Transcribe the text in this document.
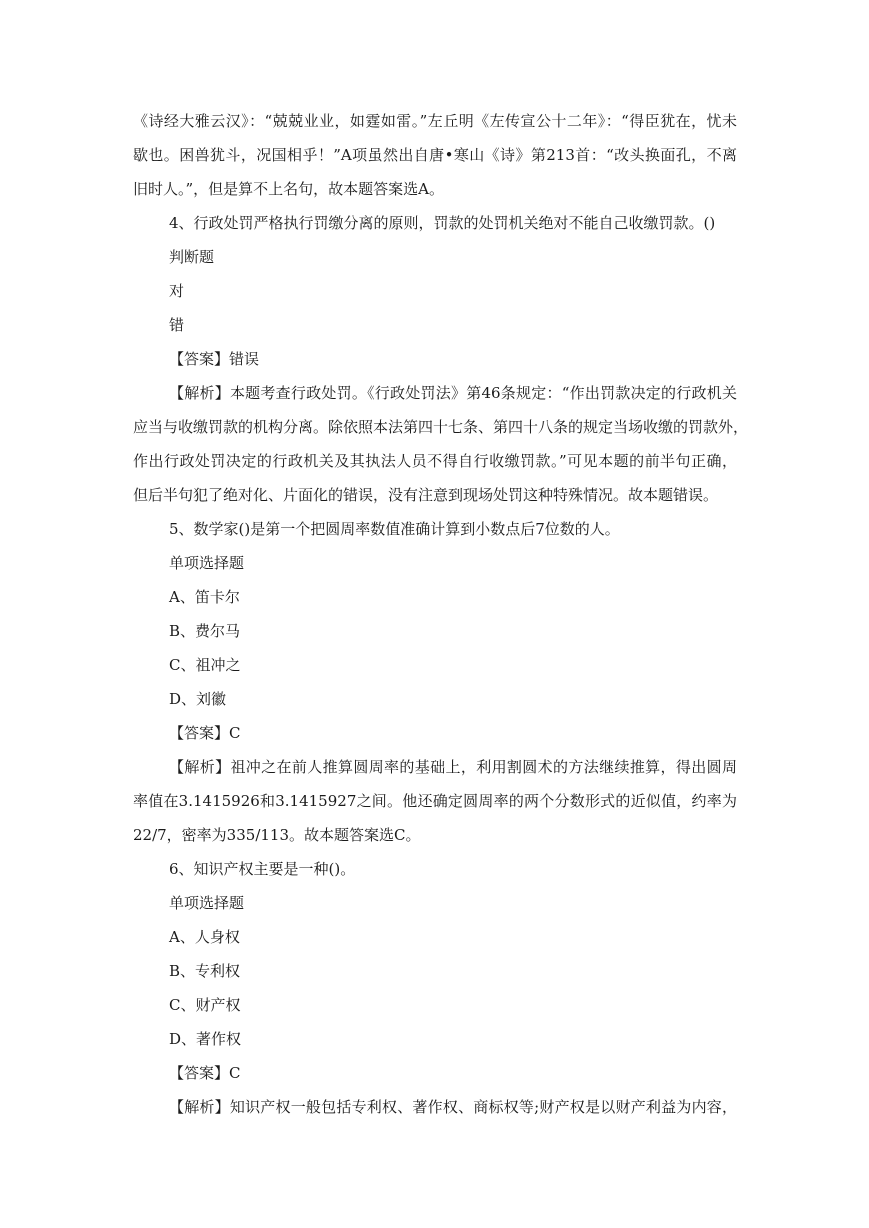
《诗经大雅云汉》：“兢兢业业，如霆如雷。”左丘明《左传宣公十二年》：“得臣犹在，忧未
歇也。困兽犹斗，况国相乎！”A项虽然出自唐•寒山《诗》第213首：“改头换面孔，不离
旧时人。”，但是算不上名句，故本题答案选A。
4、行政处罚严格执行罚缴分离的原则，罚款的处罚机关绝对不能自己收缴罚款。()
判断题
对
错
【答案】错误
【解析】本题考查行政处罚。《行政处罚法》第46条规定：“作出罚款决定的行政机关
应当与收缴罚款的机构分离。除依照本法第四十七条、第四十八条的规定当场收缴的罚款外，
作出行政处罚决定的行政机关及其执法人员不得自行收缴罚款。”可见本题的前半句正确，
但后半句犯了绝对化、片面化的错误，没有注意到现场处罚这种特殊情况。故本题错误。
5、数学家()是第一个把圆周率数值准确计算到小数点后7位数的人。
单项选择题
A、笛卡尔
B、费尔马
C、祖冲之
D、刘徽
【答案】C
【解析】祖冲之在前人推算圆周率的基础上，利用割圆术的方法继续推算，得出圆周
率值在3.1415926和3.1415927之间。他还确定圆周率的两个分数形式的近似值，约率为
22/7，密率为335/113。故本题答案选C。
6、知识产权主要是一种()。
单项选择题
A、人身权
B、专利权
C、财产权
D、著作权
【答案】C
【解析】知识产权一般包括专利权、著作权、商标权等;财产权是以财产利益为内容，
